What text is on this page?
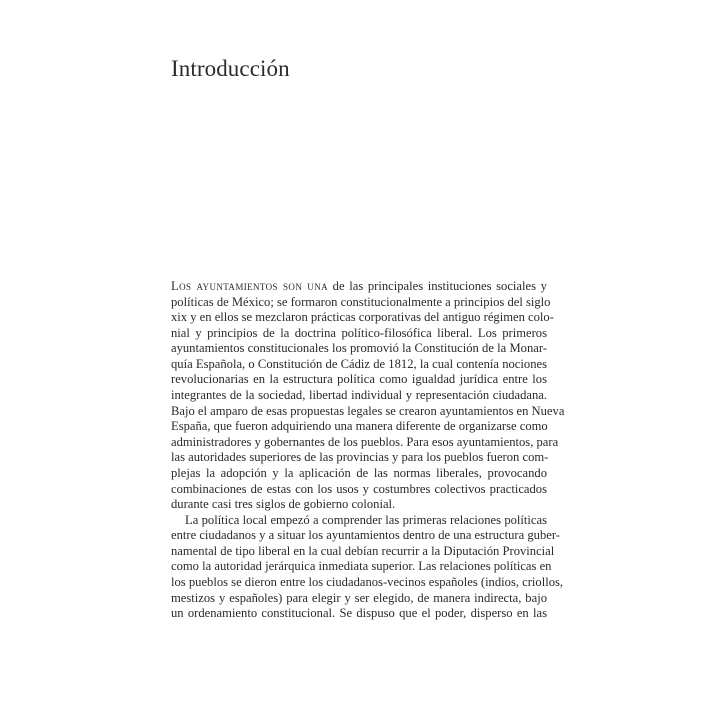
Introducción
Los ayuntamientos son una de las principales instituciones sociales y
políticas de México; se formaron constitucionalmente a principios del siglo
xix y en ellos se mezclaron prácticas corporativas del antiguo régimen colo-
nial y principios de la doctrina político-filosófica liberal. Los primeros
ayuntamientos constitucionales los promovió la Constitución de la Monar-
quía Española, o Constitución de Cádiz de 1812, la cual contenía nociones
revolucionarias en la estructura política como igualdad jurídica entre los
integrantes de la sociedad, libertad individual y representación ciudadana.
Bajo el amparo de esas propuestas legales se crearon ayuntamientos en Nueva
España, que fueron adquiriendo una manera diferente de organizarse como
administradores y gobernantes de los pueblos. Para esos ayuntamientos, para
las autoridades superiores de las provincias y para los pueblos fueron com-
plejas la adopción y la aplicación de las normas liberales, provocando
combinaciones de estas con los usos y costumbres colectivos practicados
durante casi tres siglos de gobierno colonial.
La política local empezó a comprender las primeras relaciones políticas
entre ciudadanos y a situar los ayuntamientos dentro de una estructura guber-
namental de tipo liberal en la cual debían recurrir a la Diputación Provincial
como la autoridad jerárquica inmediata superior. Las relaciones políticas en
los pueblos se dieron entre los ciudadanos-vecinos españoles (indios, criollos,
mestizos y españoles) para elegir y ser elegido, de manera indirecta, bajo
un ordenamiento constitucional. Se dispuso que el poder, disperso en las
